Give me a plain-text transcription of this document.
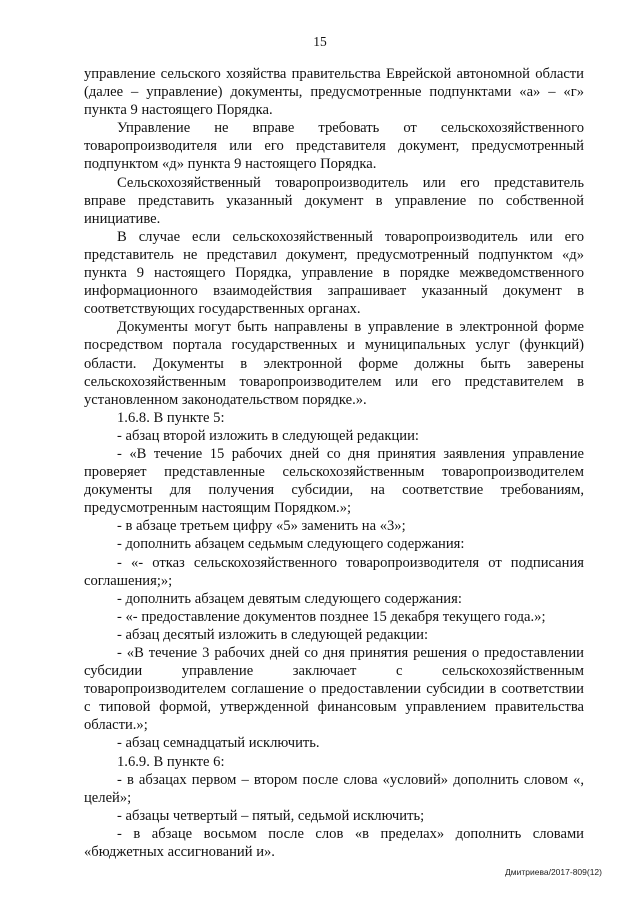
15

управление сельского хозяйства правительства Еврейской автономной области (далее – управление) документы, предусмотренные подпунктами «а» – «г» пункта 9 настоящего Порядка.

Управление не вправе требовать от сельскохозяйственного товаропроизводителя или его представителя документ, предусмотренный подпунктом «д» пункта 9 настоящего Порядка.

Сельскохозяйственный товаропроизводитель или его представитель вправе представить указанный документ в управление по собственной инициативе.

В случае если сельскохозяйственный товаропроизводитель или его представитель не представил документ, предусмотренный подпунктом «д» пункта 9 настоящего Порядка, управление в порядке межведомственного информационного взаимодействия запрашивает указанный документ в соответствующих государственных органах.

Документы могут быть направлены в управление в электронной форме посредством портала государственных и муниципальных услуг (функций) области. Документы в электронной форме должны быть заверены сельскохозяйственным товаропроизводителем или его представителем в установленном законодательством порядке.».

1.6.8. В пункте 5:

- абзац второй изложить в следующей редакции:

- «В течение 15 рабочих дней со дня принятия заявления управление проверяет представленные сельскохозяйственным товаропроизводителем документы для получения субсидии, на соответствие требованиям, предусмотренным настоящим Порядком.»;

- в абзаце третьем цифру «5» заменить на «3»;

- дополнить абзацем седьмым следующего содержания:

- «- отказ сельскохозяйственного товаропроизводителя от подписания соглашения;»;

- дополнить абзацем девятым следующего содержания:

- «- предоставление документов позднее 15 декабря текущего года.»;

- абзац десятый изложить в следующей редакции:

- «В течение 3 рабочих дней со дня принятия решения о предоставлении субсидии управление заключает с сельскохозяйственным товаропроизводителем соглашение о предоставлении субсидии в соответствии с типовой формой, утвержденной финансовым управлением правительства области.»;

- абзац семнадцатый исключить.

1.6.9. В пункте 6:

- в абзацах первом – втором после слова «условий» дополнить словом «, целей»;

- абзацы четвертый – пятый, седьмой исключить;

- в абзаце восьмом после слов «в пределах» дополнить словами «бюджетных ассигнований и».

Дмитриева/2017-809(12)
